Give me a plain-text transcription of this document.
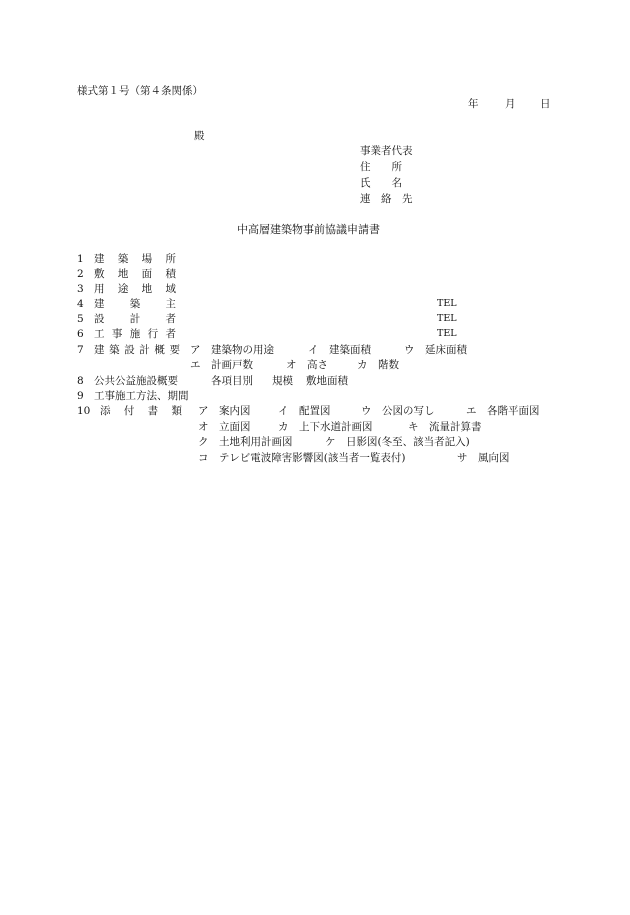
様式第１号（第４条関係）
年	月 日
殿
事業者代表
住　　所
氏　　名
連　絡　先
中高層建築物事前協議申請書
1 建築場所
2 敷地面積
3 用途地域
4 建築主	TEL
5 設計者	TEL
6 工事施行者	TEL
7 建築設計概要 ア　建築物の用途	イ　建築面積	ウ　延床面積
エ　計画戸数	オ　高さ	カ　階数
8 公共公益施設概要	各項目別 規模 敷地面積
9 工事施工方法、期間
10 添付書類 ア　案内図	イ　配置図	ウ　公図の写し	エ　各階平面図
オ　立面図	カ　上下水道計画図	キ　流量計算書
ク　土地利用計画図	ケ　日影図(冬至、該当者記入)
コ　テレビ電波障害影響図(該当者一覧表付)	サ　風向図
